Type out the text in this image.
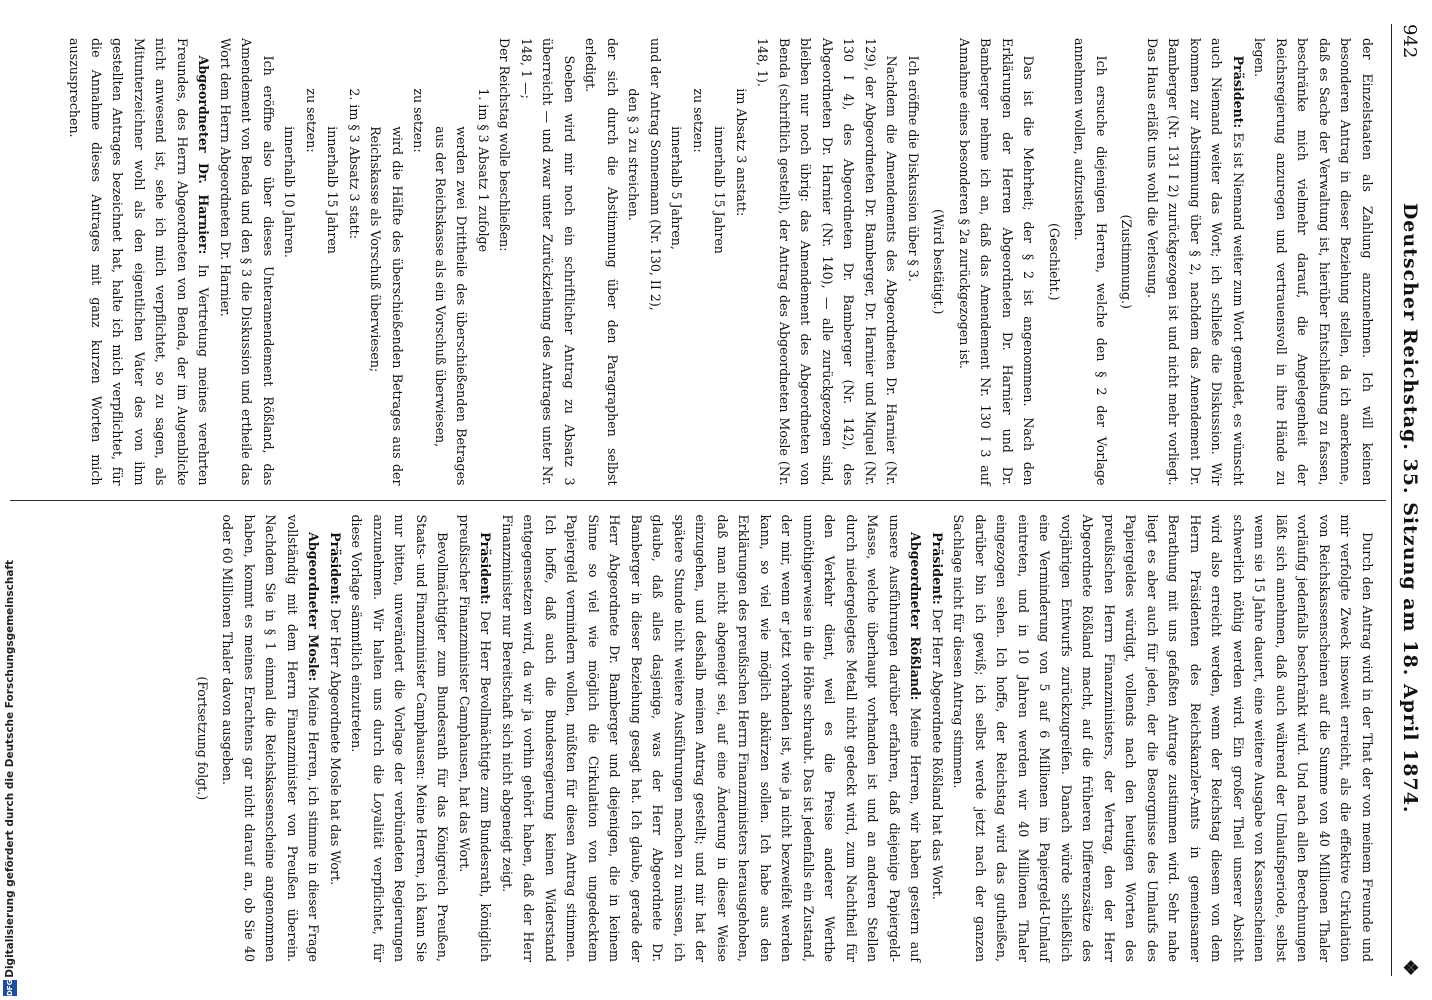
942
Deutscher Reichstag. 35. Sitzung am 18. April 1874.
❖

der Einzelstaaten als Zahlung anzunehmen. Ich will keinen besonderen Antrag in dieser Beziehung stellen, da ich anerkenne, daß es Sache der Verwaltung ist, hierüber Entschließung zu fassen, beschränke mich vielmehr darauf, die Angelegenheit der Reichsregierung anzuregen und vertrauensvoll in ihre Hände zu legen.

Präsident: Es ist Niemand weiter zum Wort gemeldet, es wünscht auch Niemand weiter das Wort; ich schließe die Diskussion. Wir kommen zur Abstimmung über § 2, nachdem das Amendement Dr. Bamberger (Nr. 131 I 2) zurückgezogen ist und nicht mehr vorliegt. Das Haus erläßt uns wohl die Verlesung.

(Zustimmung.)

Ich ersuche diejenigen Herren, welche den § 2 der Vorlage annehmen wollen, aufzustehen.

(Geschieht.)

Das ist die Mehrheit; der § 2 ist angenommen. Nach den Erklärungen der Herren Abgeordneten Dr. Harnier und Dr. Bamberger nehme ich an, daß das Amendement Nr. 130 I 3 auf Annahme eines besonderen § 2a zurückgezogen ist.

(Wird bestätigt.)

Ich eröffne die Diskussion über § 3.

Nachdem die Amendements des Abgeordneten Dr. Harnier (Nr. 129), der Abgeordneten Dr. Bamberger, Dr. Harnier und Miquel (Nr. 130 I 4), des Abgeordneten Dr. Bamberger (Nr. 142), des Abgeordneten Dr. Harnier (Nr. 140), — alle zurückgezogen sind, bleiben nur noch übrig: das Amendement des Abgeordneten von Benda (schriftlich gestellt), der Antrag des Abgeordneten Mosle (Nr. 148, 1).

im Absatz 3 anstatt:

innerhalb 15 Jahren

zu setzen:

innerhalb 5 Jahren,

und der Antrag Sonnemann (Nr. 130, II 2),

den § 3 zu streichen.

der sich durch die Abstimmung über den Paragraphen selbst erledigt.

Soeben wird mir noch ein schriftlicher Antrag zu Absatz 3 überreicht — und zwar unter Zurückziehung des Antrages unter Nr. 148, 1 —;

Der Reichstag wolle beschließen:

1. im § 3 Absatz 1 zufolge

werden zwei Drittheile des überschießenden Betrages aus der Reichskasse als ein Vorschuß überwiesen,

zu setzen:

wird die Hälfte des überschießenden Betrages aus der Reichskasse als Vorschuß überwiesen;

2. im § 3 Absatz 3 statt:

innerhalb 15 Jahren

zu setzen:

innerhalb 10 Jahren.

Ich eröffne also über dieses Unteramendement Rößland, das Amendement von Benda und den § 3 die Diskussion und ertheile das Wort dem Herrn Abgeordneten Dr. Harnier.

Abgeordneter Dr. Harnier: In Vertretung meines verehrten Freundes, des Herrn Abgeordneten von Benda, der im Augenblicke nicht anwesend ist, sehe ich mich verpflichtet, so zu sagen, als Mitunterzeichner wohl als den eigentlichen Vater des von ihm gestellten Antrages bezeichnet hat, halte ich mich verpflichtet, für die Annahme dieses Antrages mit ganz kurzen Worten mich auszusprechen.

Durch den Antrag wird in der That der von meinem Freunde und mir verfolgte Zweck insoweit erreicht, als die effektive Cirkulation von Reichskassenscheinen auf die Summe von 40 Millionen Thaler vorläufig jedenfalls beschränkt wird. Und nach allen Berechnungen läßt sich annehmen, daß auch während der Umlaufsperiode, selbst wenn sie 15 Jahre dauert, eine weitere Ausgabe von Kassenscheinen schwerlich nöthig werden wird. Ein großer Theil unserer Absicht wird also erreicht werden, wenn der Reichstag diesem von dem Herrn Präsidenten des Reichskanzler-Amts in gemeinsamer Berathung mit uns gefaßten Antrage zustimmen wird. Sehr nahe liegt es aber auch für jeden, der die Besorgnisse des Umlaufs des Papiergeldes würdigt, vollends nach den heutigen Worten des preußischen Herrn Finanzministers, der Vertrag, den der Herr Abgeordnete Rößland macht, auf die früheren Differenzsätze des vorjährigen Entwurfs zurückzugreifen. Danach würde schließlich eine Verminderung von 5 auf 6 Millionen im Papiergeld-Umlauf eintreten, und in 10 Jahren werden wir 40 Millionen Thaler eingezogen sehen. Ich hoffe, der Reichstag wird das gutheißen, darüber bin ich gewiß; ich selbst werde jetzt nach der ganzen Sachlage nicht für diesen Antrag stimmen.

Präsident: Der Herr Abgeordnete Rößland hat das Wort.

Abgeordneter Rößland: Meine Herren, wir haben gestern auf unsere Ausführungen darüber erfahren, daß diejenige Papiergeld-Masse, welche überhaupt vorhanden ist und an anderen Stellen durch niedergelegtes Metall nicht gedeckt wird, zum Nachtheil für den Verkehr dient, weil es die Preise anderer Werthe unnöthigerweise in die Höhe schraubt. Das ist jedenfalls ein Zustand, der mir, wenn er jetzt vorhanden ist, wie ja nicht bezweifelt werden kann, so viel wie möglich abkürzen sollen. Ich habe aus den Erklärungen des preußischen Herrn Finanzministers herausgehoben, daß man nicht abgeneigt sei, auf eine Änderung in dieser Weise einzugehen, und deshalb meinen Antrag gestellt; und mir hat der spätere Stunde nicht weitere Ausführungen machen zu müssen, ich glaube, daß alles dasjenige, was der Herr Abgeordnete Dr. Bamberger in dieser Beziehung gesagt hat. Ich glaube, gerade der Herr Abgeordnete Dr. Bamberger und diejenigen, die in keinem Sinne so viel wie möglich die Cirkulation von ungedecktem Papiergeld vermindern wollen, müßten für diesen Antrag stimmen. Ich hoffe, daß auch die Bundesregierung keinen Widerstand entgegensetzen wird, da wir ja vorhin gehört haben, daß der Herr Finanzminister nur Bereitschaft sich nicht abgeneigt zeigt.

Präsident: Der Herr Bevollmächtigte zum Bundesrath, königlich preußischer Finanzminister Camphausen, hat das Wort.

Bevollmächtigter zum Bundesrath für das Königreich Preußen, Staats- und Finanzminister Camphausen: Meine Herren, ich kann Sie nur bitten, unverändert die Vorlage der verbündeten Regierungen anzunehmen. Wir halten uns durch die Loyalität verpflichtet, für diese Vorlage sämmtlich einzutreten.

Präsident: Der Herr Abgeordnete Mosle hat das Wort.

Abgeordneter Mosle: Meine Herren, ich stimme in dieser Frage vollständig mit dem Herrn Finanzminister von Preußen überein. Nachdem Sie in § 1 einmal die Reichskassenscheine angenommen haben, kommt es meines Erachtens gar nicht darauf an, ob Sie 40 oder 60 Millionen Thaler davon ausgeben.

(Fortsetzung folgt.)

Digitalisierung gefördert durch die Deutsche Forschungsgemeinschaft
DFG
